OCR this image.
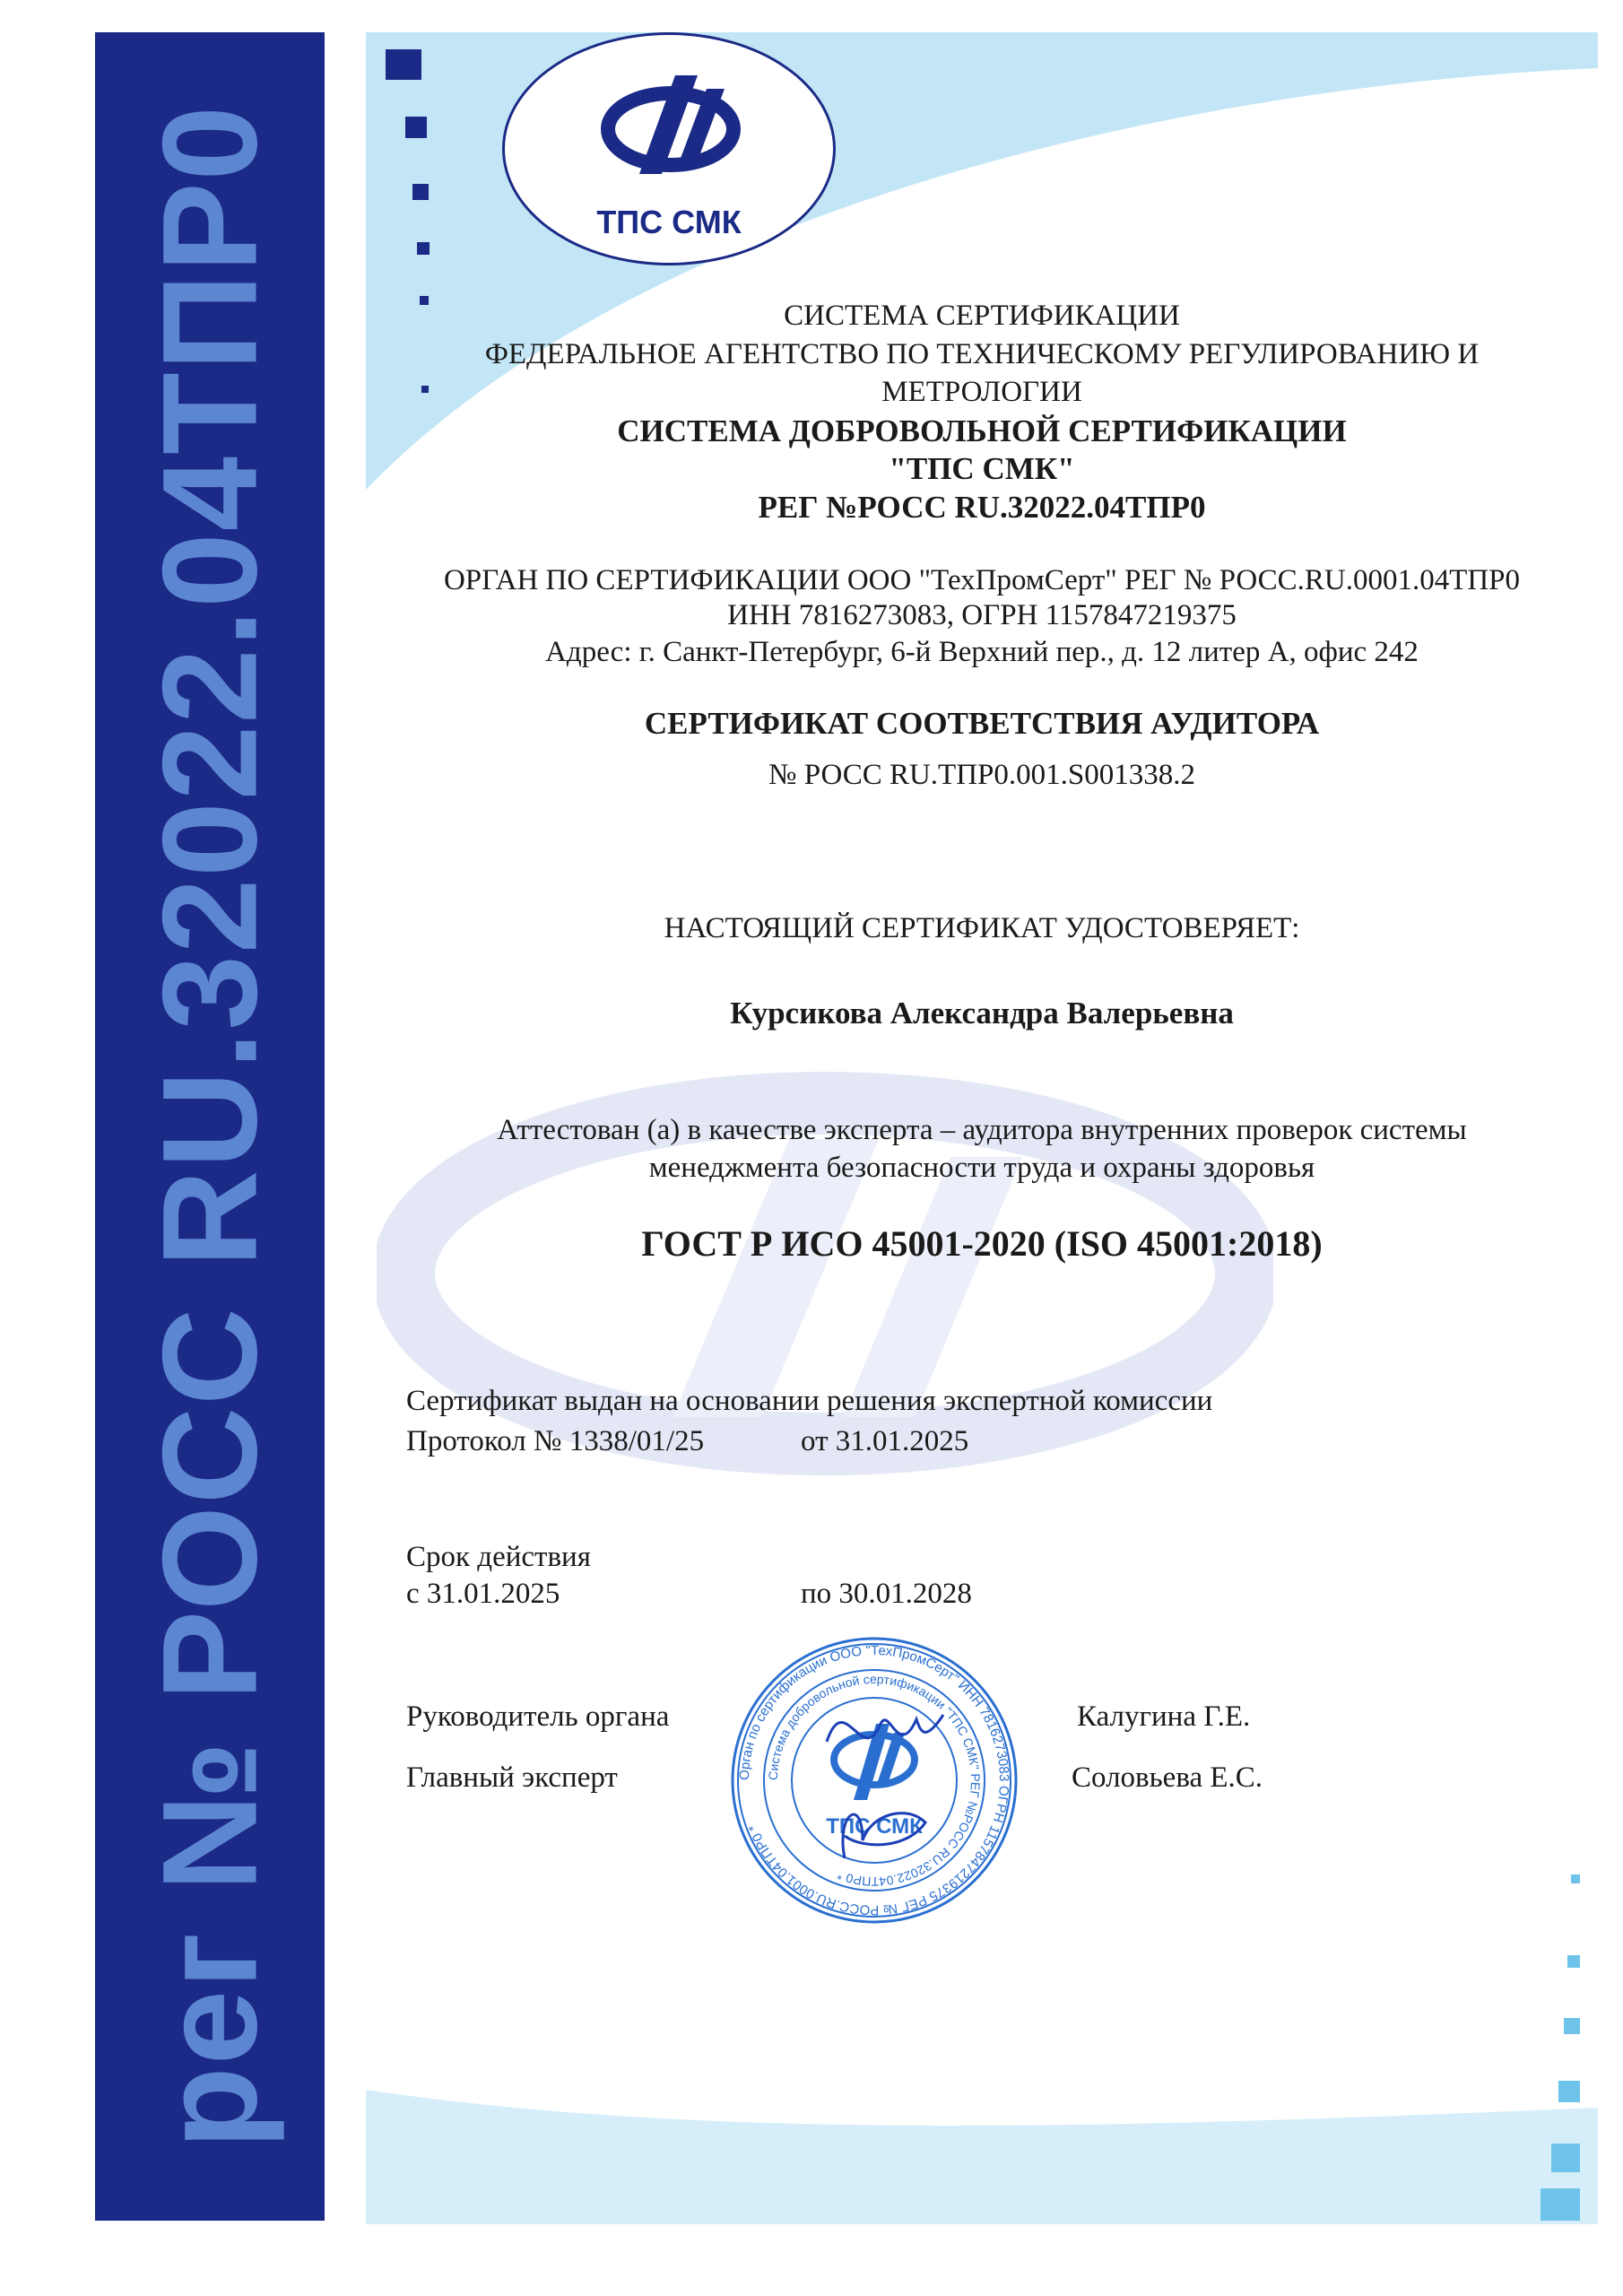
рег № РОСС RU.32022.04ТПР0	ТПС СМК
СИСТЕМА СЕРТИФИКАЦИИ
ФЕДЕРАЛЬНОЕ АГЕНТСТВО ПО ТЕХНИЧЕСКОМУ РЕГУЛИРОВАНИЮ И
МЕТРОЛОГИИ
СИСТЕМА ДОБРОВОЛЬНОЙ СЕРТИФИКАЦИИ
"ТПС СМК"
РЕГ №РОСС RU.32022.04ТПР0
ОРГАН ПО СЕРТИФИКАЦИИ ООО "ТехПромСерт" РЕГ № РОСС.RU.0001.04ТПР0
ИНН 7816273083, ОГРН 1157847219375
Адрес: г. Санкт-Петербург, 6-й Верхний пер., д. 12 литер А, офис 242
СЕРТИФИКАТ СООТВЕТСТВИЯ АУДИТОРА
№ РОСС RU.ТПР0.001.S001338.2
НАСТОЯЩИЙ СЕРТИФИКАТ УДОСТОВЕРЯЕТ:
Курсикова Александра Валерьевна
Аттестован (а) в качестве эксперта – аудитора внутренних проверок системы
менеджмента безопасности труда и охраны здоровья
ГОСТ Р ИСО 45001-2020 (ISO 45001:2018)
Сертификат выдан на основании решения экспертной комиссии
Протокол № 1338/01/25	от 31.01.2025
Срок действия
с 31.01.2025	по 30.01.2028
Руководитель органа	Калугина Г.Е.
Главный эксперт	Соловьева Е.С.
Орган по сертификации ООО "ТехПромСерт" ИНН 7816273083 ОГРН 1157847219375 РЕГ № РОСС.RU.0001.04ТПР0 *
Система добровольной сертификации "ТПС СМК" РЕГ №РОСС RU.32022.04ТПР0 *
ТПС СМК
